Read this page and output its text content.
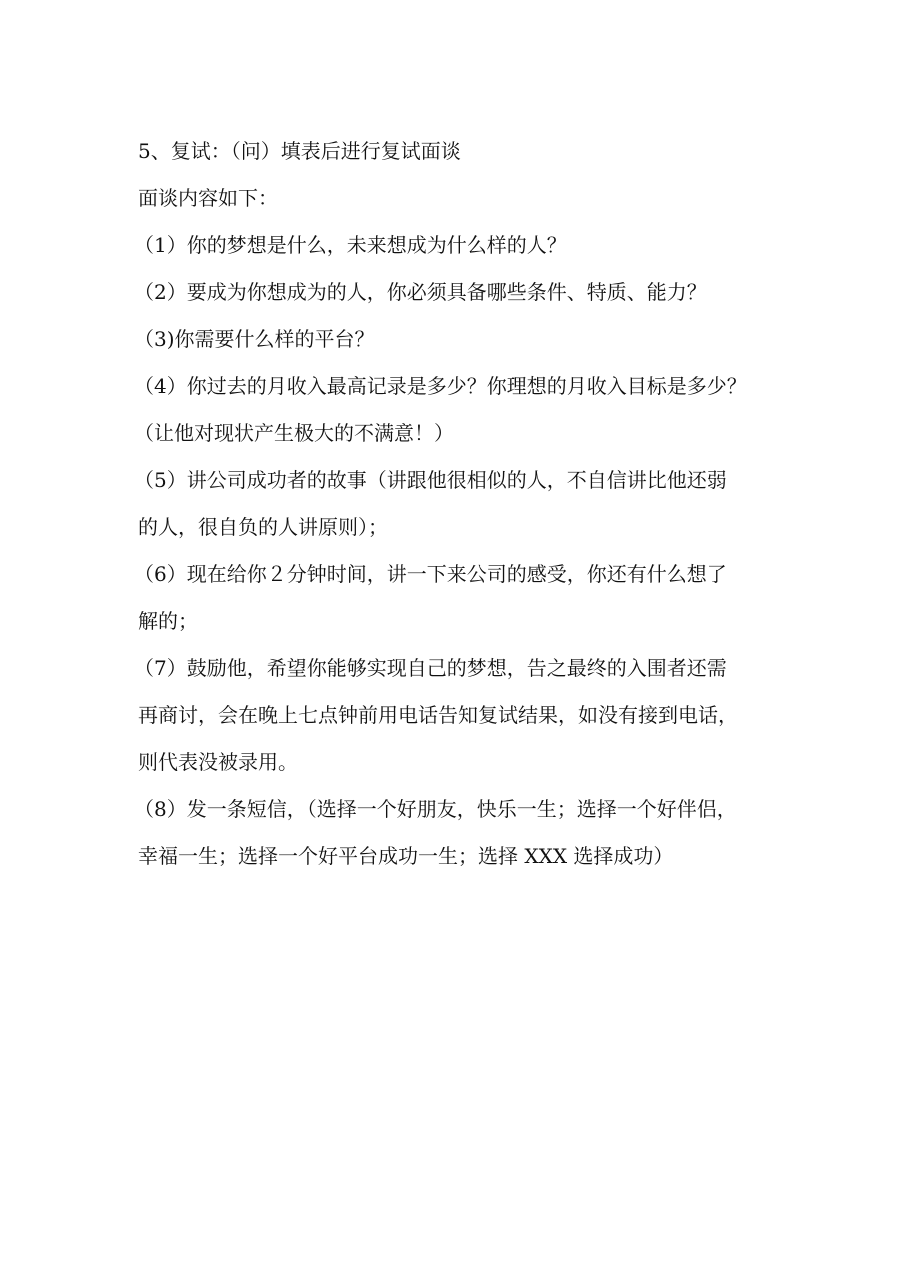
5、复试：（问）填表后进行复试面谈
面谈内容如下：
（1）你的梦想是什么，未来想成为什么样的人？
（2）要成为你想成为的人，你必须具备哪些条件、特质、能力？
（3)你需要什么样的平台？
（4）你过去的月收入最高记录是多少？你理想的月收入目标是多少？
（让他对现状产生极大的不满意！）
（5）讲公司成功者的故事（讲跟他很相似的人，不自信讲比他还弱
的人，很自负的人讲原则）；
（6）现在给你２分钟时间，讲一下来公司的感受，你还有什么想了
解的；
（7）鼓励他，希望你能够实现自己的梦想，告之最终的入围者还需
再商讨，会在晚上七点钟前用电话告知复试结果，如没有接到电话，
则代表没被录用。
（8）发一条短信，（选择一个好朋友，快乐一生；选择一个好伴侣，
幸福一生；选择一个好平台成功一生；选择 XXX 选择成功）
